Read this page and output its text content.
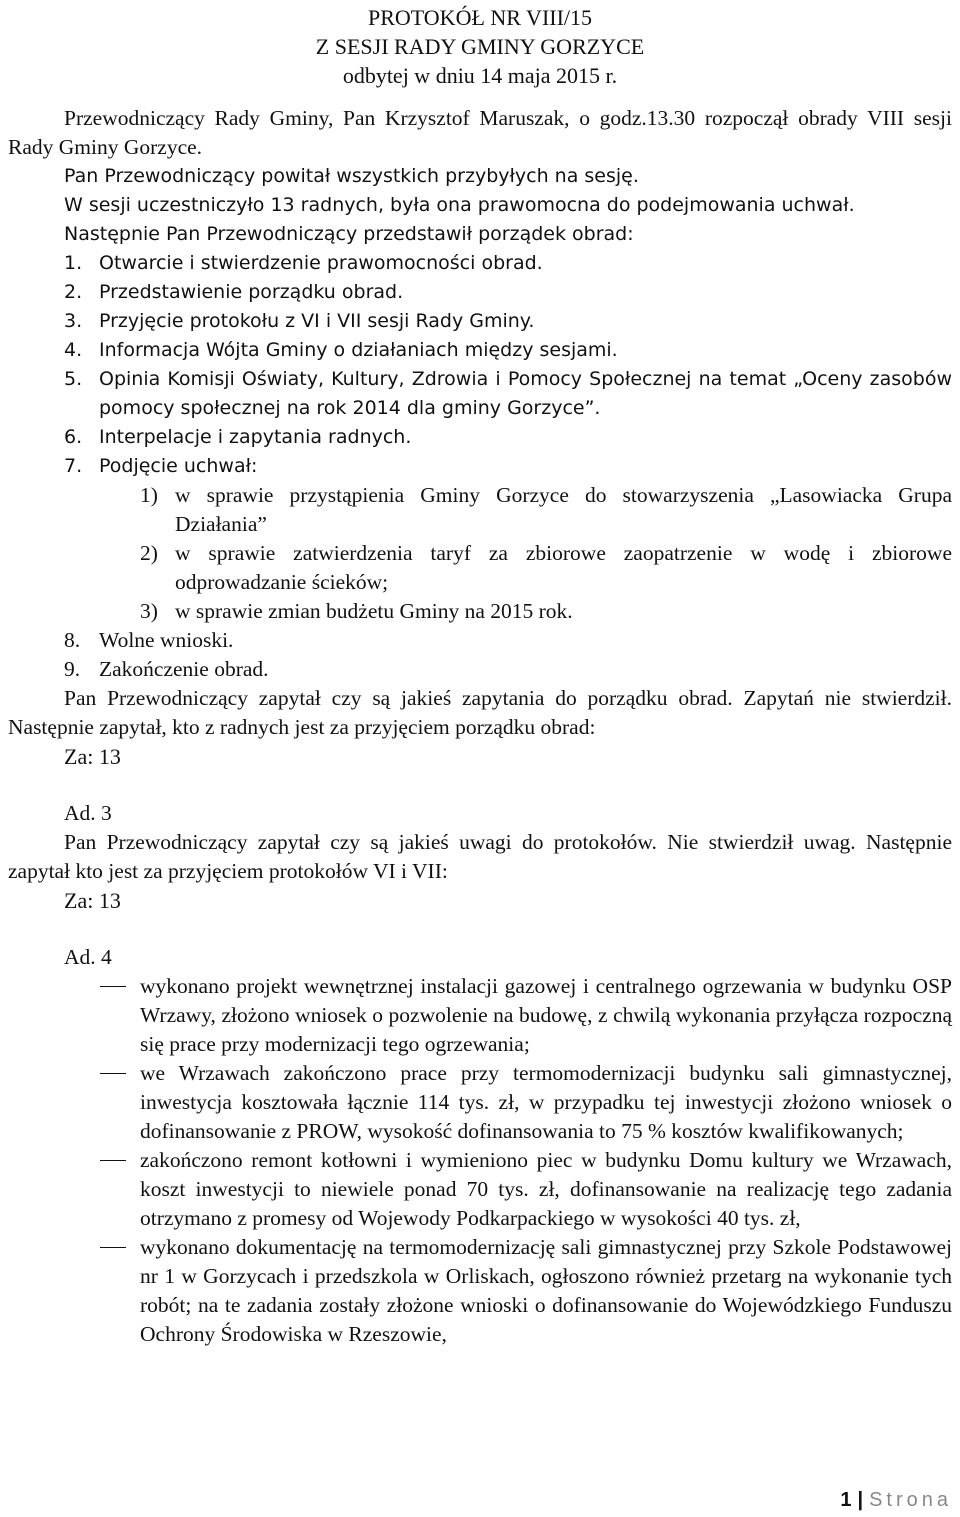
PROTOKÓŁ NR VIII/15
Z SESJI RADY GMINY GORZYCE
odbytej w dniu 14 maja 2015 r.
Przewodniczący Rady Gminy, Pan Krzysztof Maruszak, o godz.13.30 rozpoczął obrady VIII sesji Rady Gminy Gorzyce.
Pan Przewodniczący powitał wszystkich przybyłych na sesję.
W sesji uczestniczyło 13 radnych, była ona prawomocna do podejmowania uchwał.
Następnie Pan Przewodniczący przedstawił porządek obrad:
1. Otwarcie i stwierdzenie prawomocności obrad.
2. Przedstawienie porządku obrad.
3. Przyjęcie protokołu z VI i VII sesji Rady Gminy.
4. Informacja Wójta Gminy o działaniach między sesjami.
5. Opinia Komisji Oświaty, Kultury, Zdrowia i Pomocy Społecznej na temat „Oceny zasobów pomocy społecznej na rok 2014 dla gminy Gorzyce”.
6. Interpelacje i zapytania radnych.
7. Podjęcie uchwał:
1) w sprawie przystąpienia Gminy Gorzyce do stowarzyszenia „Lasowiacka Grupa Działania”
2) w sprawie zatwierdzenia taryf za zbiorowe zaopatrzenie w wodę i zbiorowe odprowadzanie ścieków;
3) w sprawie zmian budżetu Gminy na 2015 rok.
8. Wolne wnioski.
9. Zakończenie obrad.
Pan Przewodniczący zapytał czy są jakieś zapytania do porządku obrad. Zapytań nie stwierdził. Następnie zapytał, kto z radnych jest za przyjęciem porządku obrad:
Za: 13
Ad. 3
Pan Przewodniczący zapytał czy są jakieś uwagi do protokołów. Nie stwierdził uwag. Następnie zapytał kto jest za przyjęciem protokołów VI i VII:
Za: 13
Ad. 4
wykonano projekt wewnętrznej instalacji gazowej i centralnego ogrzewania w budynku OSP Wrzawy, złożono wniosek o pozwolenie na budowę, z chwilą wykonania przyłącza rozpoczną się prace przy modernizacji tego ogrzewania;
we Wrzawach zakończono prace przy termomodernizacji budynku sali gimnastycznej, inwestycja kosztowała łącznie 114 tys. zł, w przypadku tej inwestycji złożono wniosek o dofinansowanie z PROW, wysokość dofinansowania to 75 % kosztów kwalifikowanych;
zakończono remont kotłowni i wymieniono piec w budynku Domu kultury we Wrzawach, koszt inwestycji to niewiele ponad 70 tys. zł, dofinansowanie na realizację tego zadania otrzymano z promesy od Wojewody Podkarpackiego w wysokości 40 tys. zł,
wykonano dokumentację na termomodernizację sali gimnastycznej przy Szkole Podstawowej nr 1 w Gorzycach i przedszkola w Orliskach, ogłoszono również przetarg na wykonanie tych robót; na te zadania zostały złożone wnioski o dofinansowanie do Wojewódzkiego Funduszu Ochrony Środowiska w Rzeszowie,
1 | Strona
